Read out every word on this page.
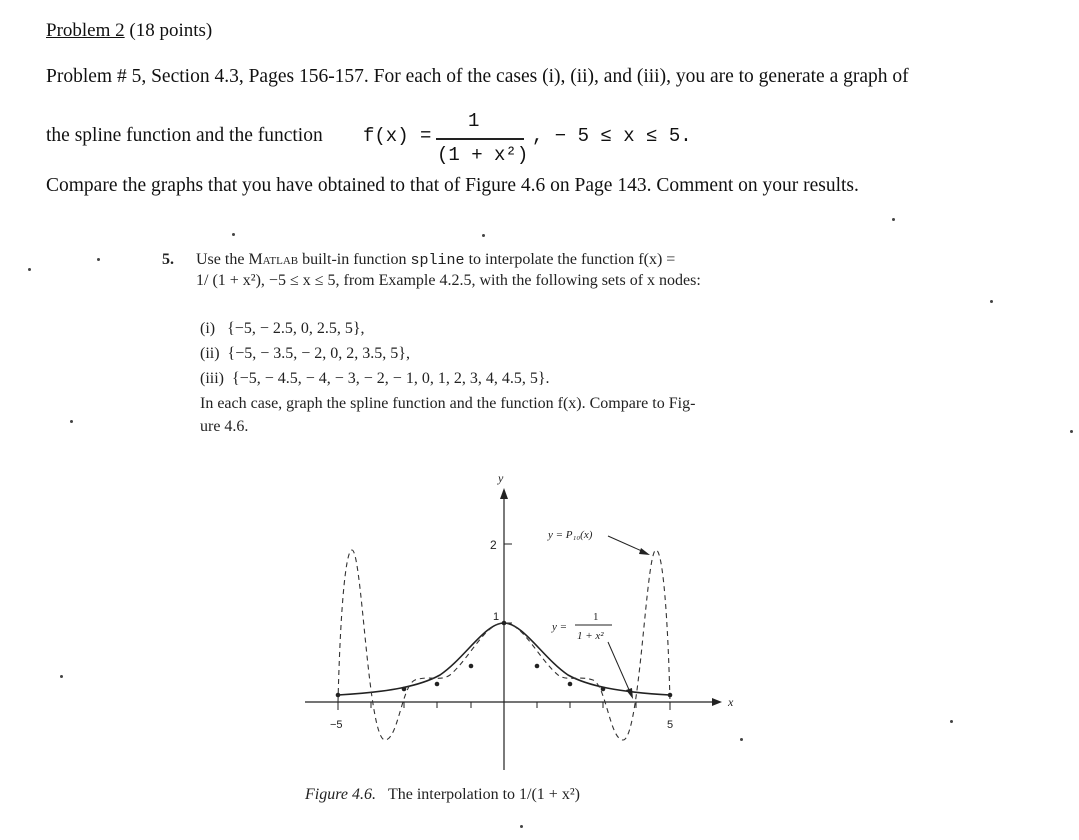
Problem 2 (18 points)
Problem # 5, Section 4.3, Pages 156-157. For each of the cases (i), (ii), and (iii), you are to generate a graph of
the spline function and the function f(x) =
1
(1 + x²)
, − 5 ≤ x ≤ 5.
Compare the graphs that you have obtained to that of Figure 4.6 on Page 143. Comment on your results.
5. Use the Matlab built-in function spline to interpolate the function f(x) =
1/ (1 + x²), −5 ≤ x ≤ 5, from Example 4.2.5, with the following sets of x nodes:
(i) {−5, − 2.5, 0, 2.5, 5},
(ii) {−5, − 3.5, − 2, 0, 2, 3.5, 5},
(iii) {−5, − 4.5, − 4, − 3, − 2, − 1, 0, 1, 2, 3, 4, 4.5, 5}.
In each case, graph the spline function and the function f(x). Compare to Fig-
ure 4.6.
y
x
2
1
−5	5
y = P₁₀(x)
y =
1
1 + x²
Figure 4.6. The interpolation to 1/(1 + x²)
